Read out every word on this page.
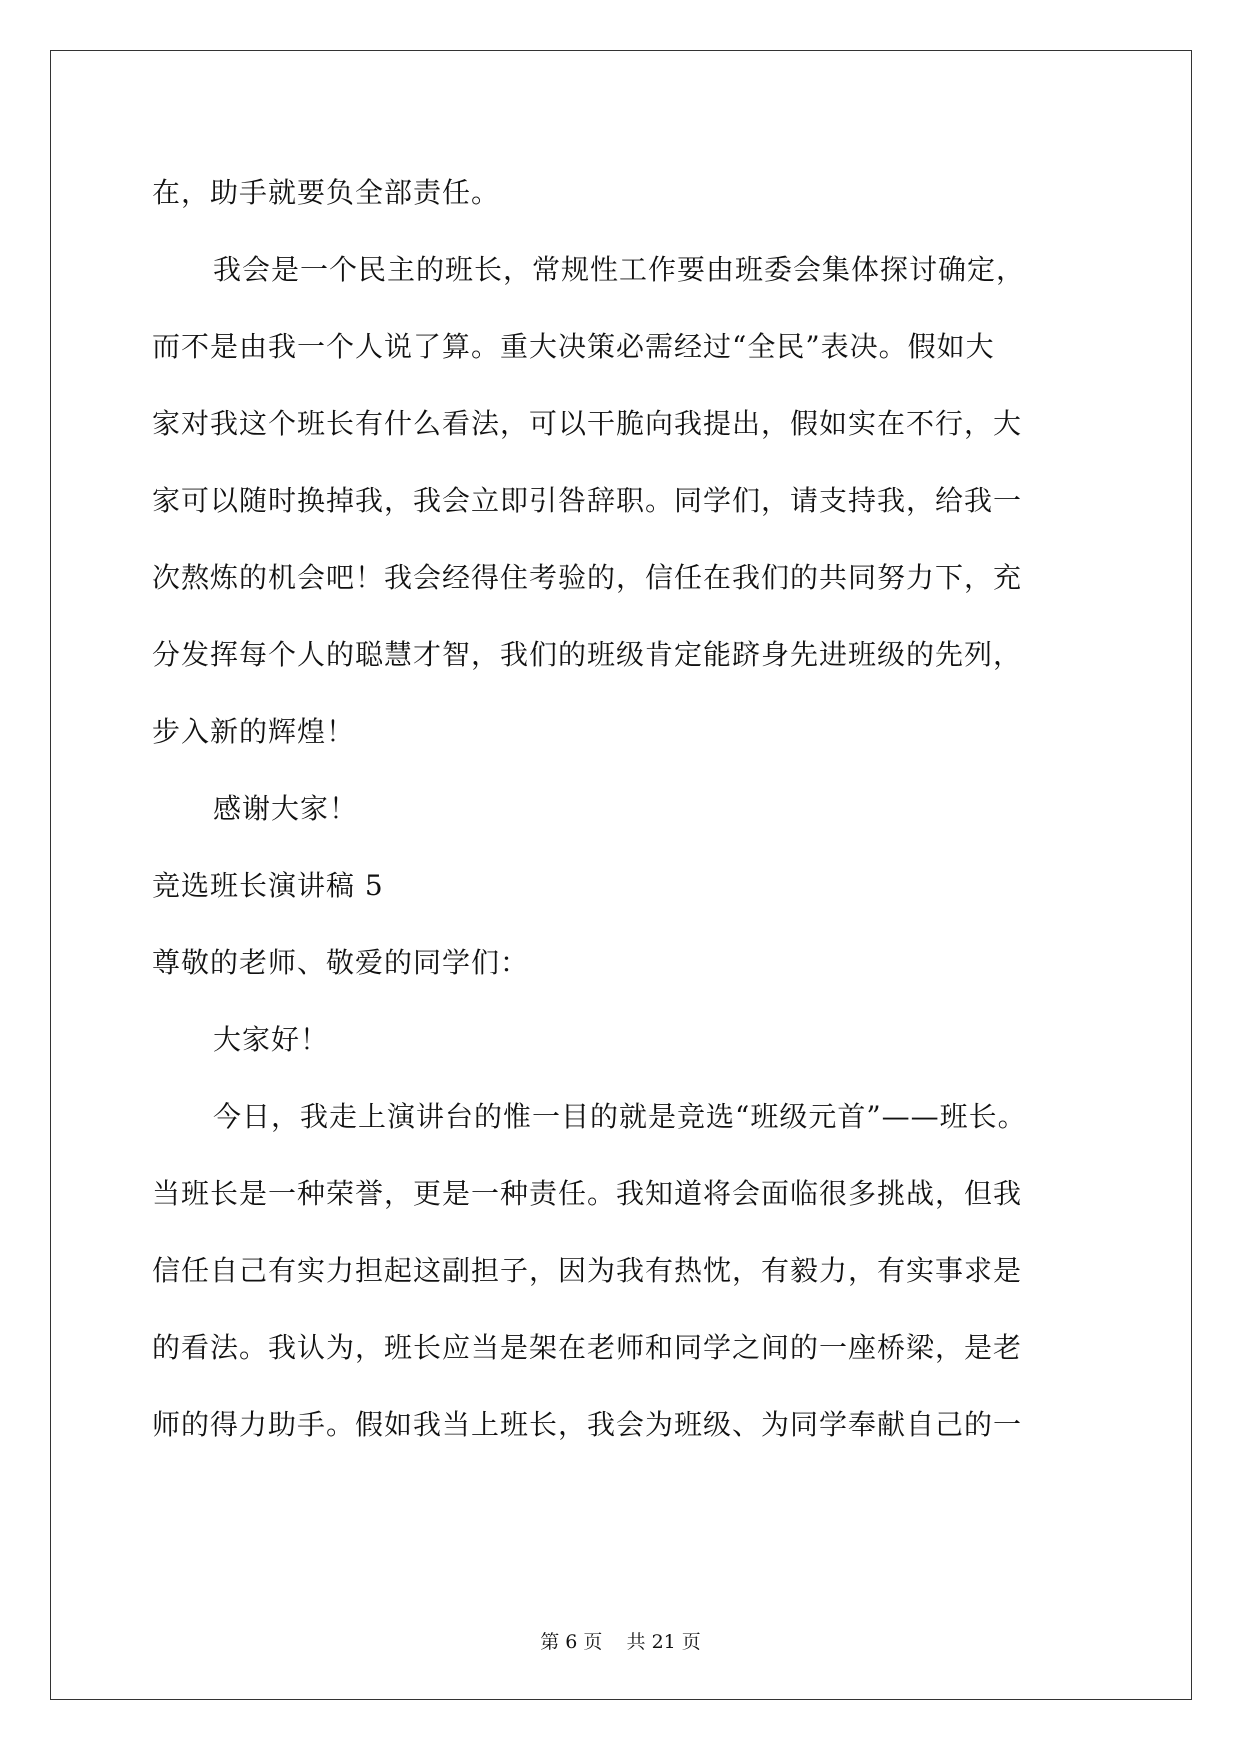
在，助手就要负全部责任。
我会是一个民主的班长，常规性工作要由班委会集体探讨确定，
而不是由我一个人说了算。重大决策必需经过“全民”表决。假如大
家对我这个班长有什么看法，可以干脆向我提出，假如实在不行，大
家可以随时换掉我，我会立即引咎辞职。同学们，请支持我，给我一
次熬炼的机会吧！我会经得住考验的，信任在我们的共同努力下，充
分发挥每个人的聪慧才智，我们的班级肯定能跻身先进班级的先列，
步入新的辉煌！
感谢大家！
竞选班长演讲稿 5
尊敬的老师、敬爱的同学们：
大家好！
今日，我走上演讲台的惟一目的就是竞选“班级元首”——班长。
当班长是一种荣誉，更是一种责任。我知道将会面临很多挑战，但我
信任自己有实力担起这副担子，因为我有热忱，有毅力，有实事求是
的看法。我认为，班长应当是架在老师和同学之间的一座桥梁，是老
师的得力助手。假如我当上班长，我会为班级、为同学奉献自己的一
第 6 页    共 21 页
